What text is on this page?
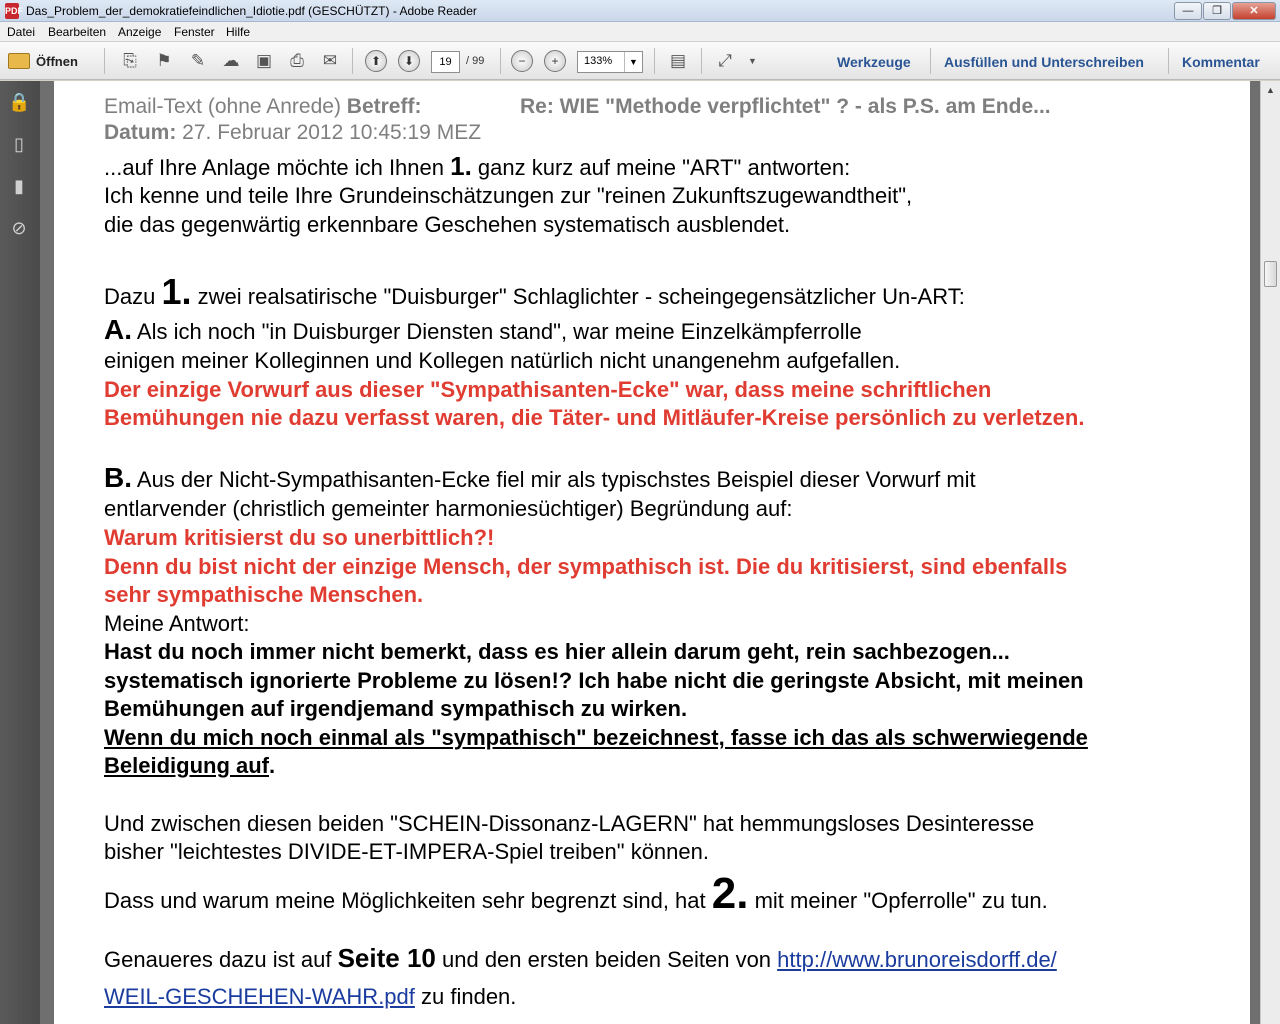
PDF Das_Problem_der_demokratiefeindlichen_Idiotie.pdf (GESCHÜTZT) - Adobe Reader	—	❐	✕
Datei Bearbeiten Anzeige Fenster Hilfe
Öffnen	⎘	⚑ ✎ ☁ ▣	⎙	✉	⬆	⬇	19	/ 99	−	+	133%	▼ ▤	⤢	▼	Werkzeuge Ausfüllen und Unterschreiben	Kommentar
🔒
▯
▮
⊘
Email-Text (ohne Anrede) Betreff:	Re: WIE "Methode verpflichtet" ? - als P.S. am Ende...
Datum: 27. Februar 2012 10:45:19 MEZ
...auf Ihre Anlage möchte ich Ihnen 1. ganz kurz auf meine "ART" antworten:
Ich kenne und teile Ihre Grundeinschätzungen zur "reinen Zukunftszugewandtheit",
die das gegenwärtig erkennbare Geschehen systematisch ausblendet.
Dazu 1. zwei realsatirische "Duisburger" Schlaglichter - scheingegensätzlicher Un-ART:
A. Als ich noch "in Duisburger Diensten stand", war meine Einzelkämpferrolle
einigen meiner Kolleginnen und Kollegen natürlich nicht unangenehm aufgefallen.
Der einzige Vorwurf aus dieser "Sympathisanten-Ecke" war, dass meine schriftlichen
Bemühungen nie dazu verfasst waren, die Täter- und Mitläufer-Kreise persönlich zu verletzen.
B. Aus der Nicht-Sympathisanten-Ecke fiel mir als typischstes Beispiel dieser Vorwurf mit
entlarvender (christlich gemeinter harmoniesüchtiger) Begründung auf:
Warum kritisierst du so unerbittlich?!
Denn du bist nicht der einzige Mensch, der sympathisch ist. Die du kritisierst, sind ebenfalls
sehr sympathische Menschen.
Meine Antwort:
Hast du noch immer nicht bemerkt, dass es hier allein darum geht, rein sachbezogen...
systematisch ignorierte Probleme zu lösen!? Ich habe nicht die geringste Absicht, mit meinen
Bemühungen auf irgendjemand sympathisch zu wirken.
Wenn du mich noch einmal als "sympathisch" bezeichnest, fasse ich das als schwerwiegende
Beleidigung auf.
Und zwischen diesen beiden "SCHEIN-Dissonanz-LAGERN" hat hemmungsloses Desinteresse
bisher "leichtestes DIVIDE-ET-IMPERA-Spiel treiben" können.
Dass und warum meine Möglichkeiten sehr begrenzt sind, hat 2. mit meiner "Opferrolle" zu tun.
Genaueres dazu ist auf Seite 10 und den ersten beiden Seiten von http://www.brunoreisdorff.de/
WEIL-GESCHEHEN-WAHR.pdf zu finden.
▲
